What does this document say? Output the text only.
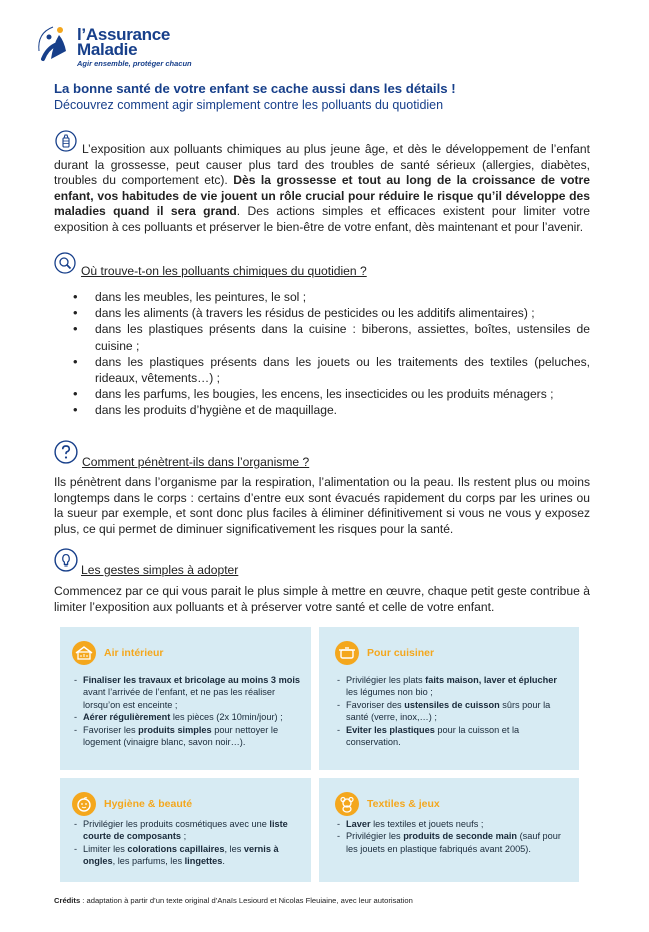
l’Assurance
Maladie
Agir ensemble, protéger chacun
La bonne santé de votre enfant se cache aussi dans les détails !
Découvrez comment agir simplement contre les polluants du quotidien
L’exposition aux polluants chimiques au plus jeune âge, et dès le développement de l’enfant durant la grossesse, peut causer plus tard des troubles de santé sérieux (allergies, diabètes, troubles du comportement etc). Dès la grossesse et tout au long de la croissance de votre enfant, vos habitudes de vie jouent un rôle crucial pour réduire le risque qu’il développe des maladies quand il sera grand. Des actions simples et efficaces existent pour limiter votre exposition à ces polluants et préserver le bien-être de votre enfant, dès maintenant et pour l’avenir.
Où trouve-t-on les polluants chimiques du quotidien ?
• dans les meubles, les peintures, le sol ;
• dans les aliments (à travers les résidus de pesticides ou les additifs alimentaires) ;
• dans les plastiques présents dans la cuisine : biberons, assiettes, boîtes, ustensiles de cuisine ;
• dans les plastiques présents dans les jouets ou les traitements des textiles (peluches, rideaux, vêtements…) ;
• dans les parfums, les bougies, les encens, les insecticides ou les produits ménagers ;
• dans les produits d’hygiène et de maquillage.
Comment pénètrent-ils dans l’organisme ?
Ils pénètrent dans l’organisme par la respiration, l’alimentation ou la peau. Ils restent plus ou moins longtemps dans le corps : certains d’entre eux sont évacués rapidement du corps par les urines ou la sueur par exemple, et sont donc plus faciles à éliminer définitivement si vous ne vous y exposez plus, ce qui permet de diminuer significativement les risques pour la santé.
Les gestes simples à adopter
Commencez par ce qui vous parait le plus simple à mettre en œuvre, chaque petit geste contribue à limiter l’exposition aux polluants et à préserver votre santé et celle de votre enfant.
Air intérieur
- Finaliser les travaux et bricolage au moins 3 mois avant l’arrivée de l’enfant, et ne pas les réaliser lorsqu’on est enceinte ;
- Aérer régulièrement les pièces (2x 10min/jour) ;
- Favoriser les produits simples pour nettoyer le logement (vinaigre blanc, savon noir…).
Pour cuisiner
- Privilégier les plats faits maison, laver et éplucher les légumes non bio ;
- Favoriser des ustensiles de cuisson sûrs pour la santé (verre, inox,…) ;
- Eviter les plastiques pour la cuisson et la conservation.
Hygiène & beauté
- Privilégier les produits cosmétiques avec une liste courte de composants ;
- Limiter les colorations capillaires, les vernis à ongles, les parfums, les lingettes.
Textiles & jeux
- Laver les textiles et jouets neufs ;
- Privilégier les produits de seconde main (sauf pour les jouets en plastique fabriqués avant 2005).
Crédits : adaptation à partir d’un texte original d’Anaïs Lesiourd et Nicolas Fleuiaine, avec leur autorisation
